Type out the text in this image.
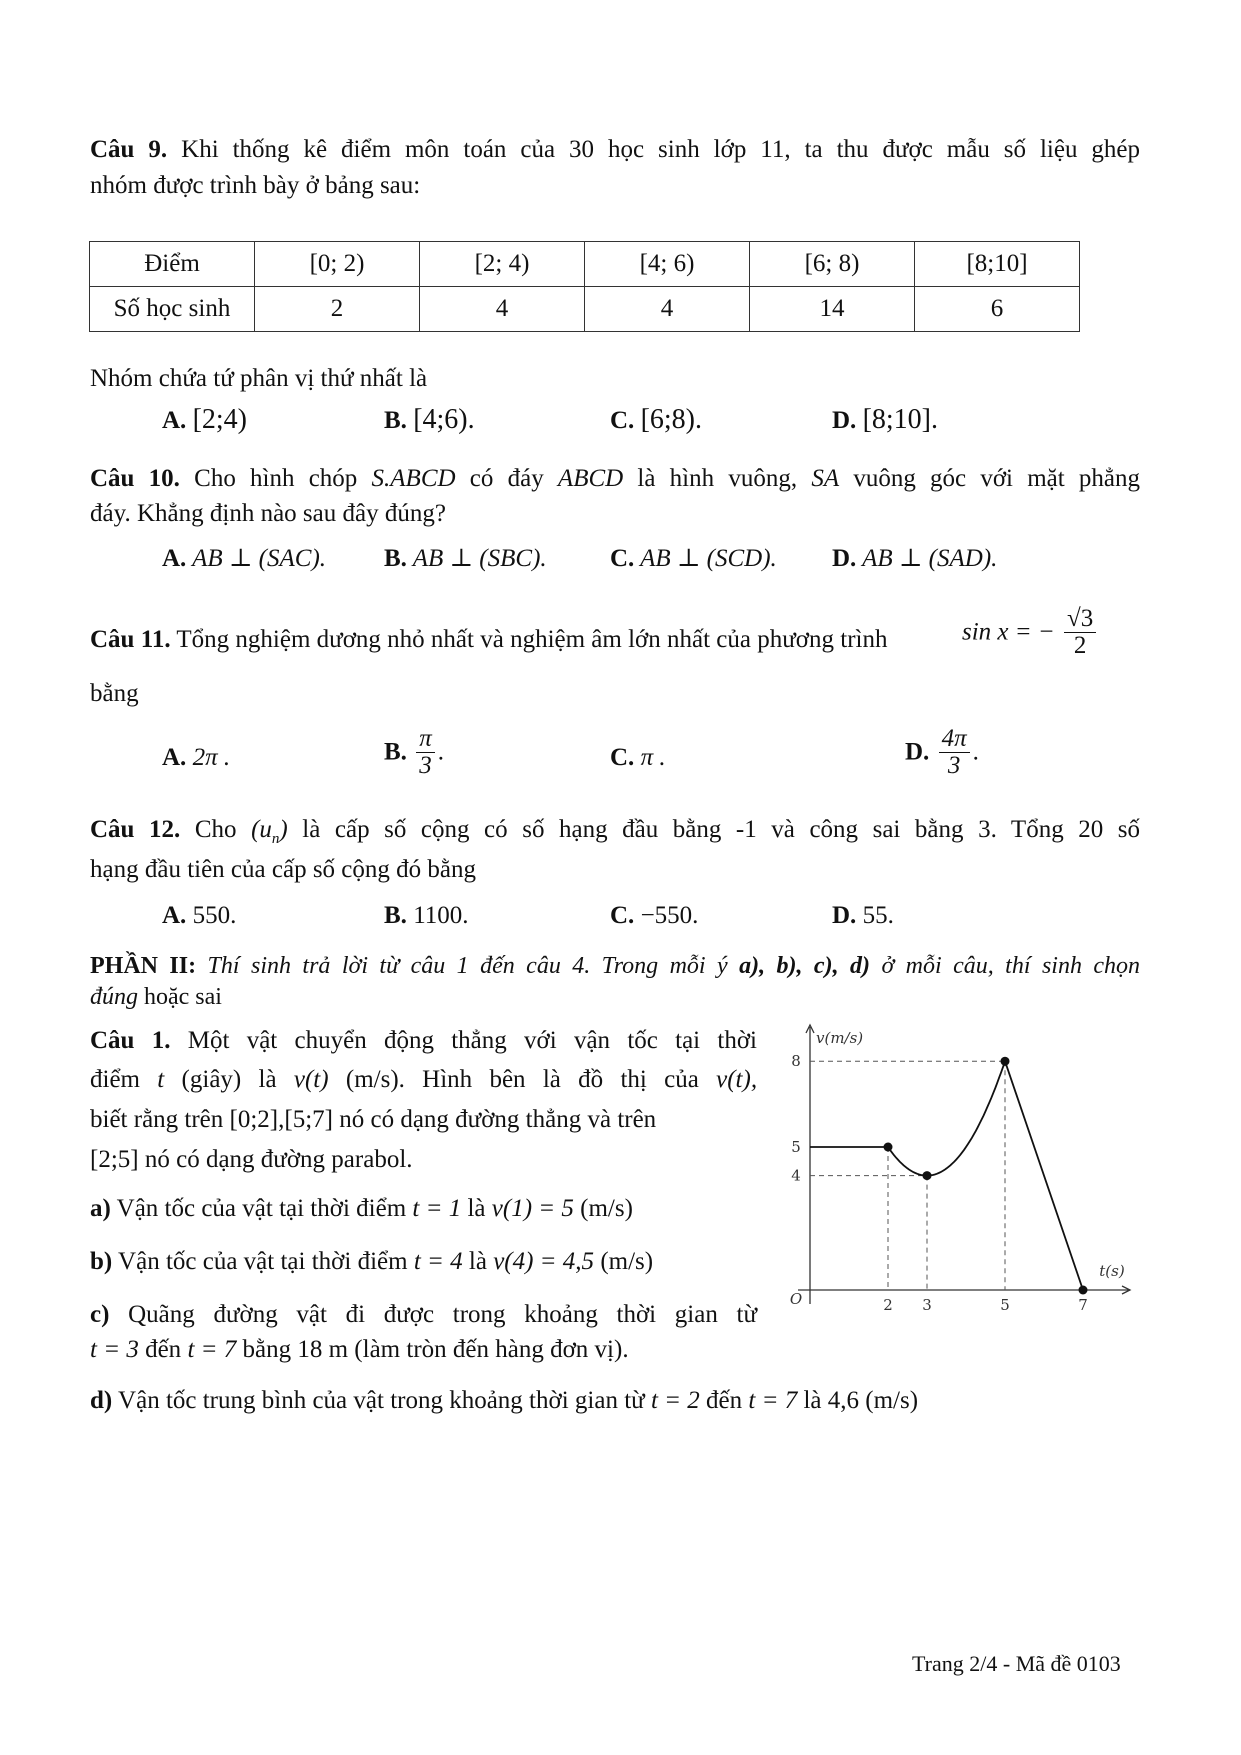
Câu 9. Khi thống kê điểm môn toán của 30 học sinh lớp 11, ta thu được mẫu số liệu ghép
nhóm được trình bày ở bảng sau:
Điểm	[0; 2)	[2; 4)	[4; 6)	[6; 8)	[8;10]
Số học sinh	2	4	4	14	6
Nhóm chứa tứ phân vị thứ nhất là
A. [2;4)	B. [4;6).	C. [6;8).	D. [8;10].
Câu 10. Cho hình chóp S.ABCD có đáy ABCD là hình vuông, SA vuông góc với mặt phẳng
đáy. Khẳng định nào sau đây đúng?
A. AB ⊥ (SAC). B. AB ⊥ (SBC).	C. AB ⊥ (SCD). D. AB ⊥ (SAD).
Câu 11. Tổng nghiệm dương nhỏ nhất và nghiệm âm lớn nhất của phương trình	sin x = − $\frac{√3}{2}$
bằng
A. 2π .	B. $\frac{\pi}{3}$ .	C. π .	D. $\frac{4\pi}{3}$ .
Câu 12. Cho $(u_n)$ là cấp số cộng có số hạng đầu bằng -1 và công sai bằng 3. Tổng 20 số
hạng đầu tiên của cấp số cộng đó bằng
A. 550.	B. 1100.	C. −550.	D. 55.
PHẦN II: Thí sinh trả lời từ câu 1 đến câu 4. Trong mỗi ý a), b), c), d) ở mỗi câu, thí sinh chọn
đúng hoặc sai
Câu 1. Một vật chuyển động thẳng với vận tốc tại thời
điểm t (giây) là v(t) (m/s). Hình bên là đồ thị của v(t),
biết rằng trên [0;2],[5;7] nó có dạng đường thẳng và trên
[2;5] nó có dạng đường parabol.
a) Vận tốc của vật tại thời điểm t = 1 là v(1) = 5 (m/s)
b) Vận tốc của vật tại thời điểm t = 4 là v(4) = 4,5 (m/s)
c) Quãng đường vật đi được trong khoảng thời gian từ
t = 3 đến t = 7 bằng 18 m (làm tròn đến hàng đơn vị).
d) Vận tốc trung bình của vật trong khoảng thời gian từ t = 2 đến t = 7 là 4,6 (m/s)
2 3	5	7
4
5
8
O
v(m/s)
t(s)
Trang 2/4 - Mã đề 0103
